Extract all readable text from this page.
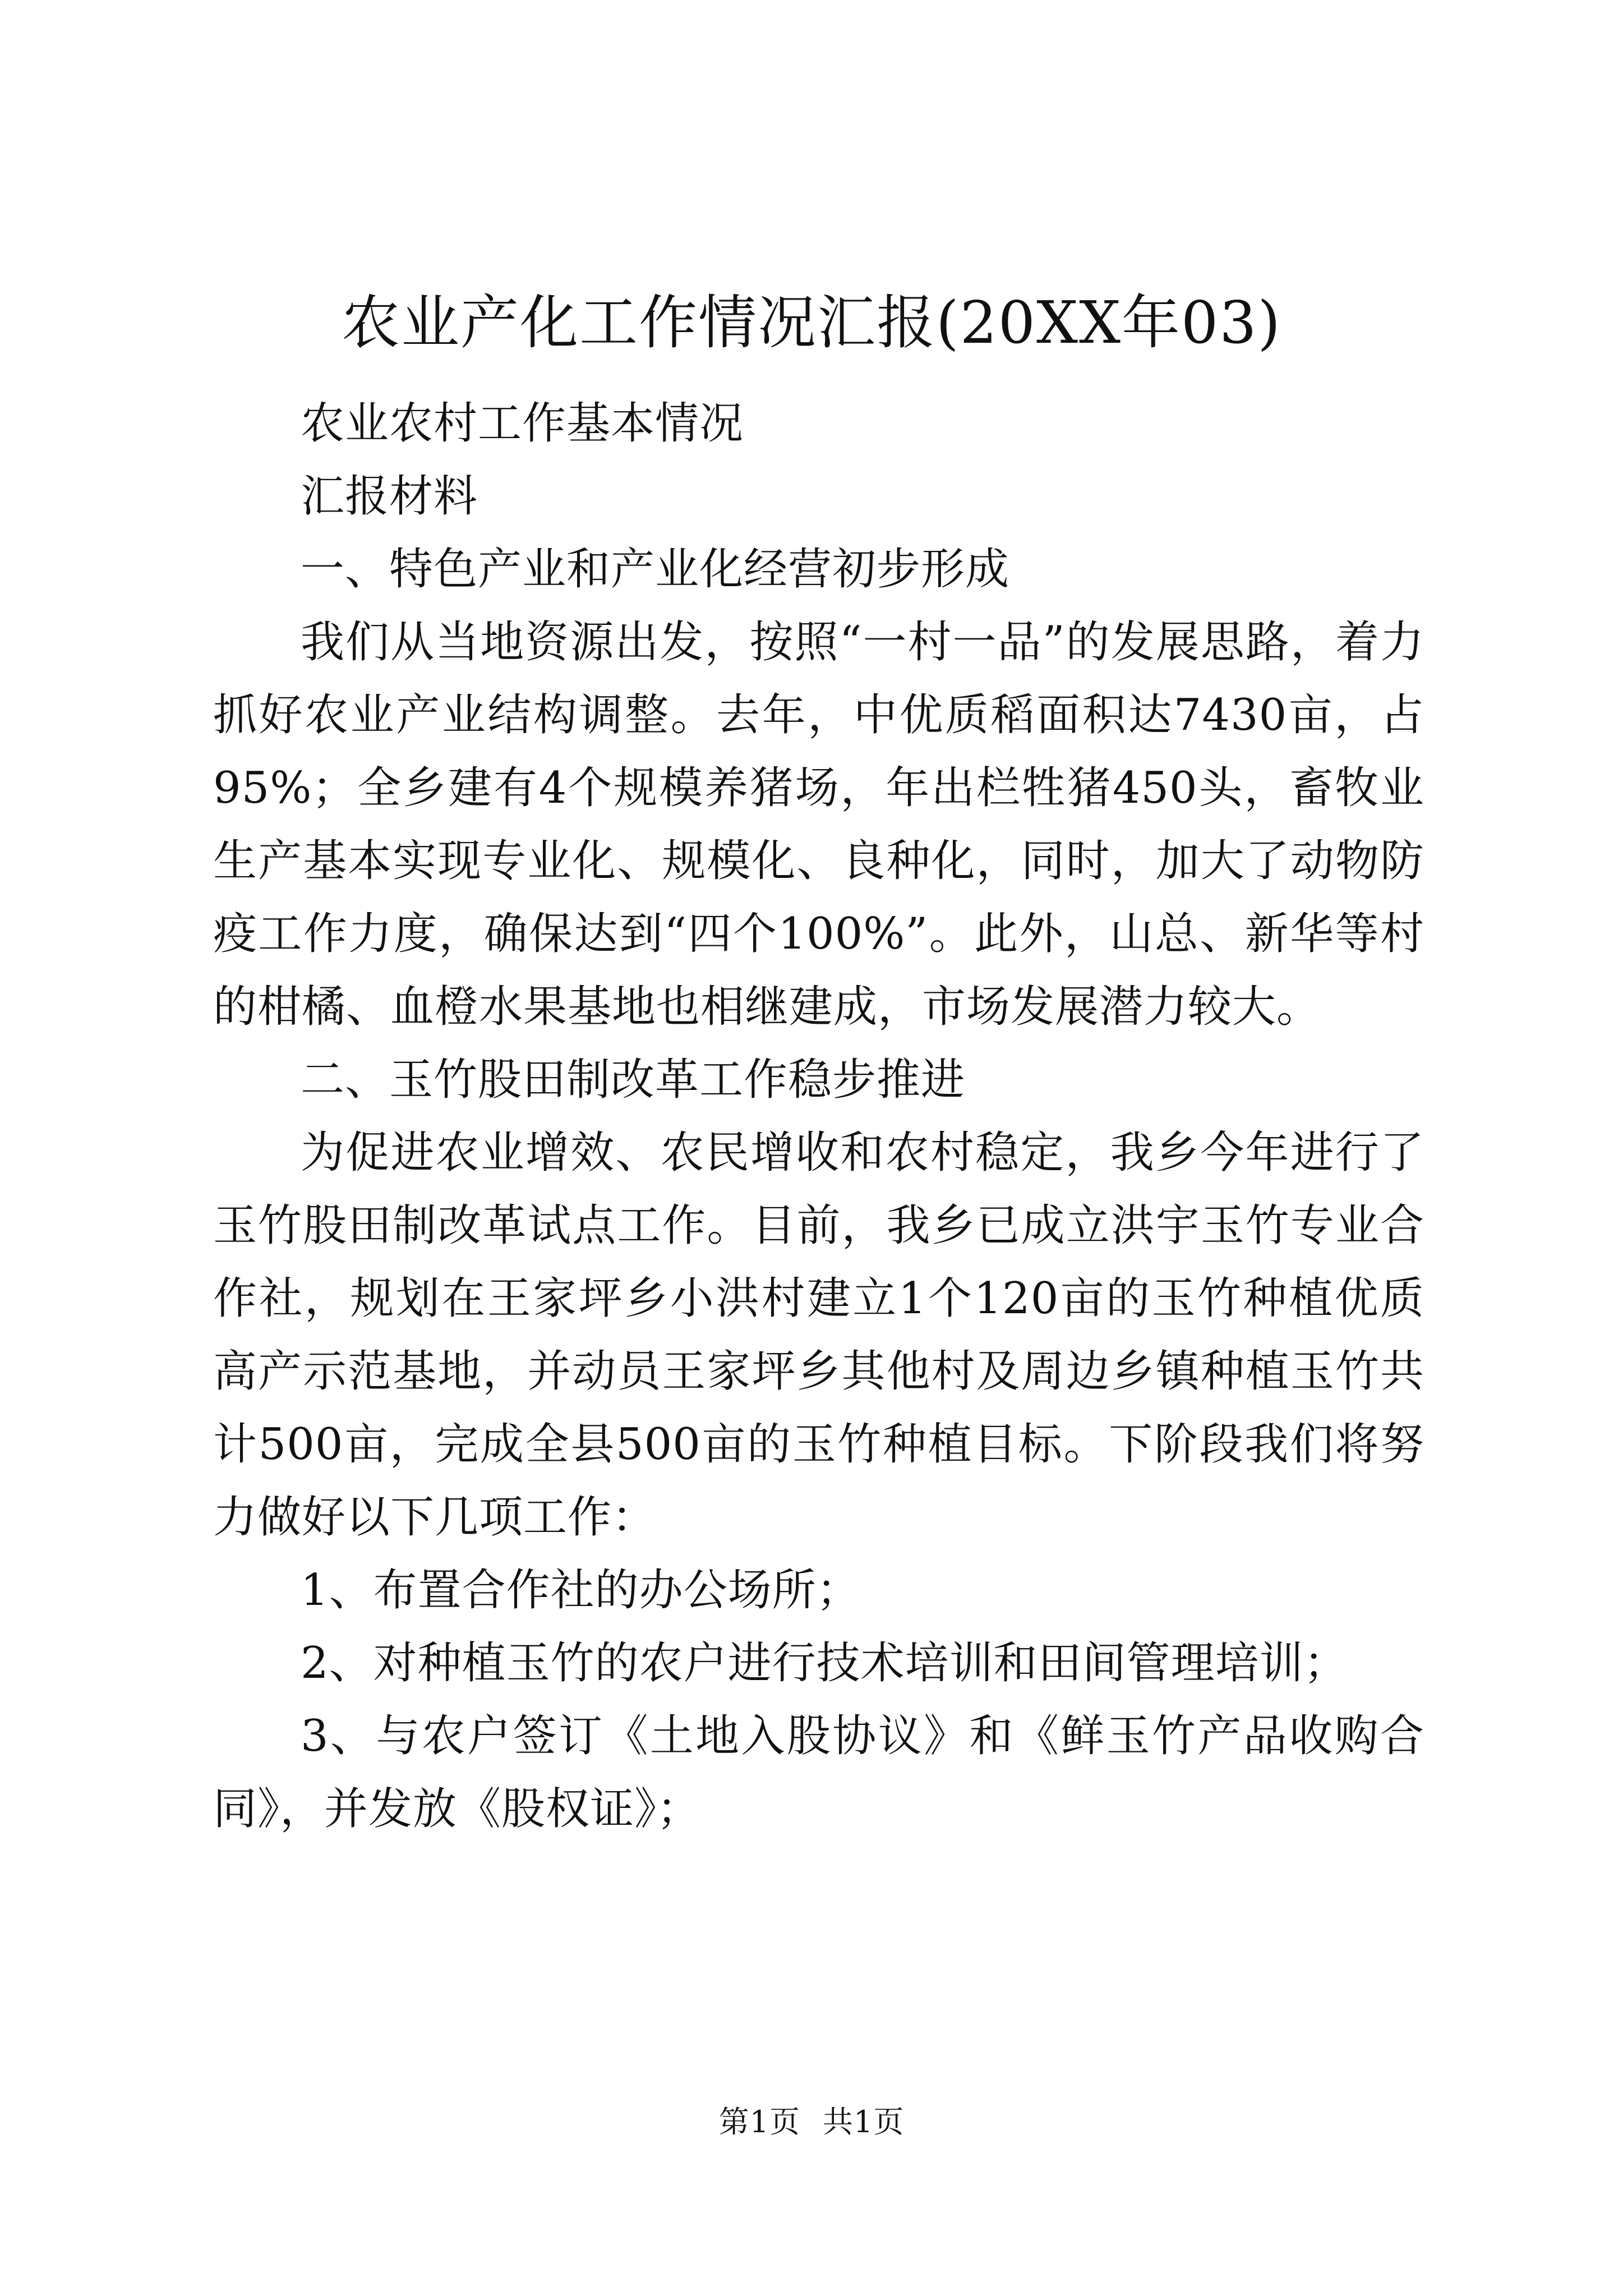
农业产化工作情况汇报(20XX年03)

农业农村工作基本情况

汇报材料

一、特色产业和产业化经营初步形成

我们从当地资源出发，按照“一村一品”的发展思路，着力抓好农业产业结构调整。去年，中优质稻面积达7430亩，占95%；全乡建有4个规模养猪场，年出栏牲猪450头，畜牧业生产基本实现专业化、规模化、良种化，同时，加大了动物防疫工作力度，确保达到“四个100%”。此外，山总、新华等村的柑橘、血橙水果基地也相继建成，市场发展潜力较大。

二、玉竹股田制改革工作稳步推进

为促进农业增效、农民增收和农村稳定，我乡今年进行了玉竹股田制改革试点工作。目前，我乡已成立洪宇玉竹专业合作社，规划在王家坪乡小洪村建立1个120亩的玉竹种植优质高产示范基地，并动员王家坪乡其他村及周边乡镇种植玉竹共计500亩，完成全县500亩的玉竹种植目标。下阶段我们将努力做好以下几项工作：

1、布置合作社的办公场所；

2、对种植玉竹的农户进行技术培训和田间管理培训；

3、与农户签订《土地入股协议》和《鲜玉竹产品收购合同》，并发放《股权证》；

第1页 共1页
